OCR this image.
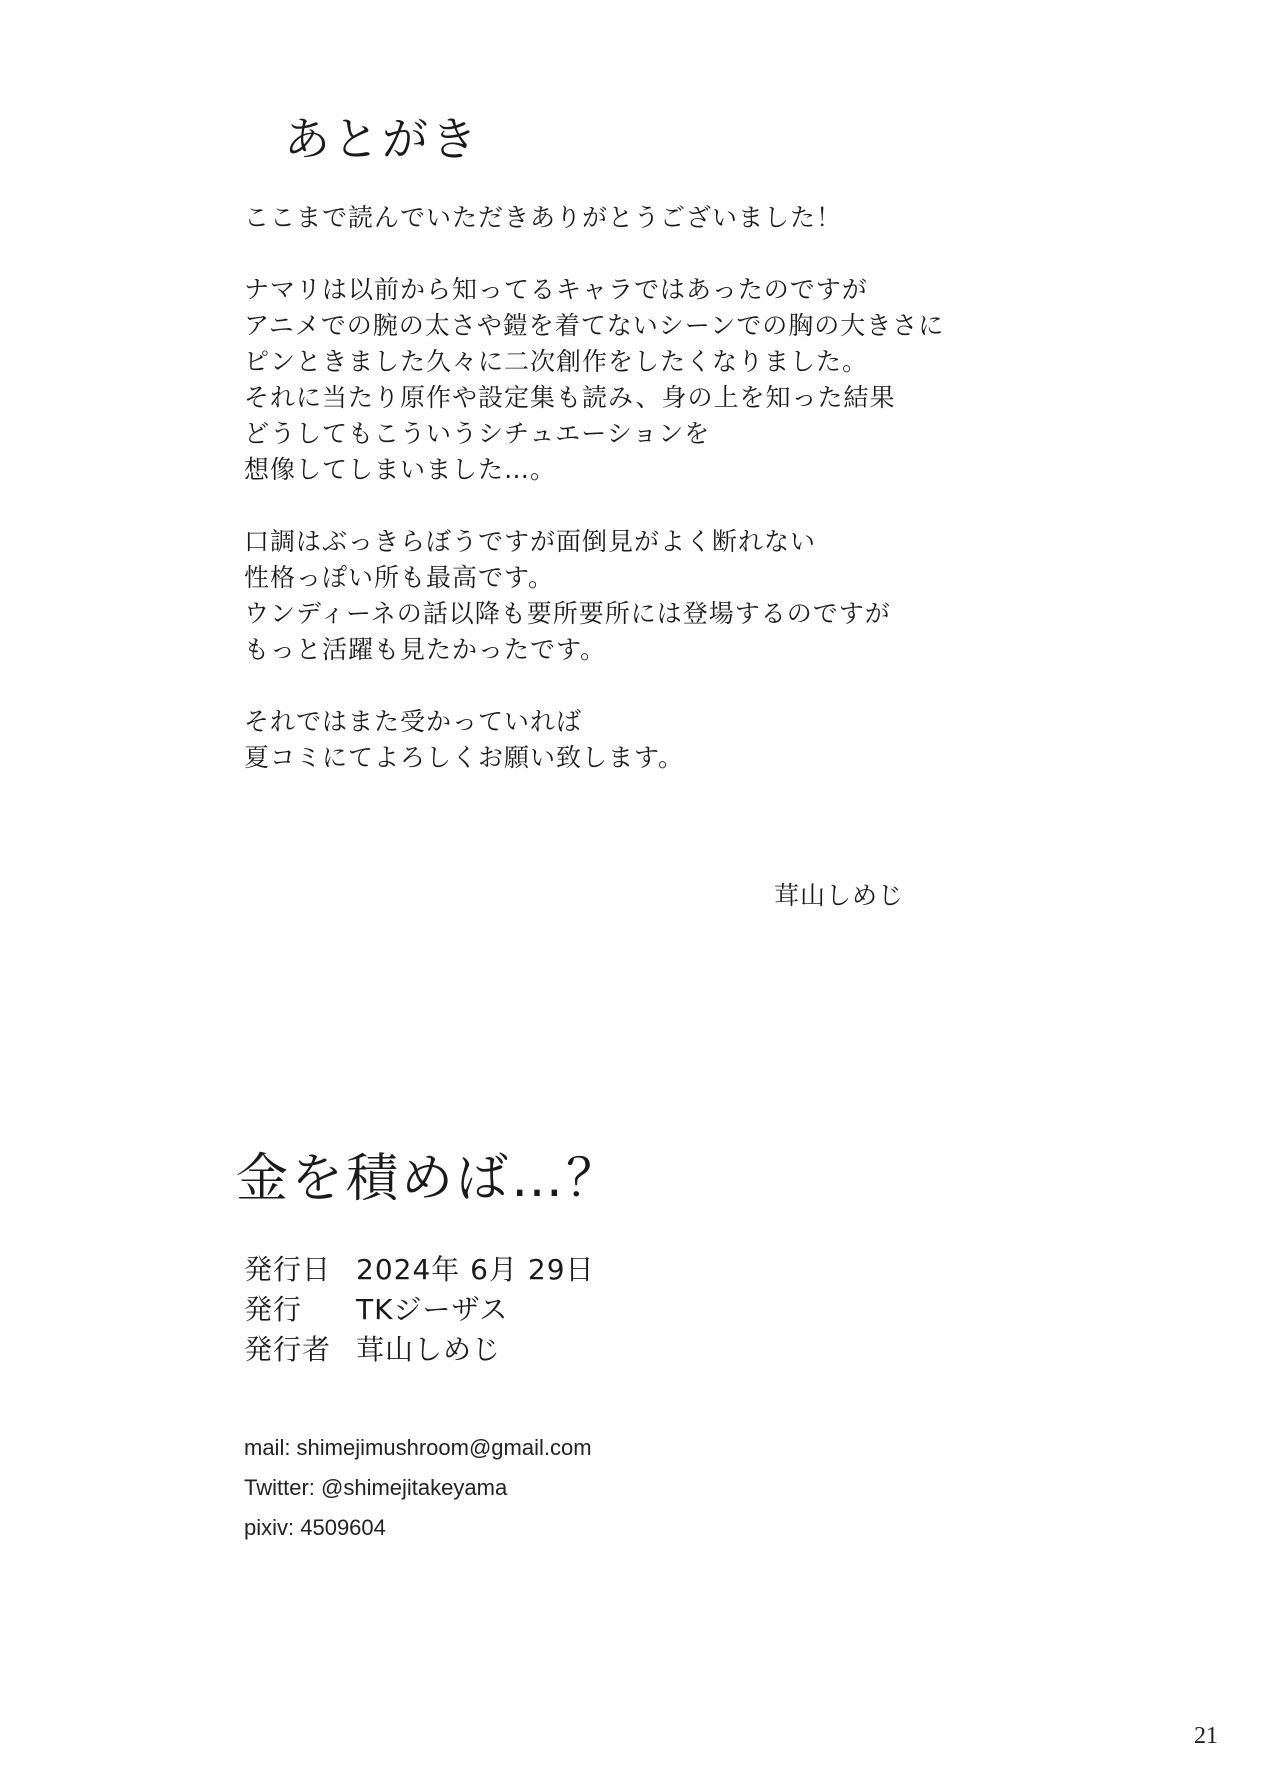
あとがき

ここまで読んでいただきありがとうございました！

ナマリは以前から知ってるキャラではあったのですが
アニメでの腕の太さや鎧を着てないシーンでの胸の大きさに
ピンときました久々に二次創作をしたくなりました。
それに当たり原作や設定集も読み、身の上を知った結果
どうしてもこういうシチュエーションを
想像してしまいました…。

口調はぶっきらぼうですが面倒見がよく断れない
性格っぽい所も最高です。
ウンディーネの話以降も要所要所には登場するのですが
もっと活躍も見たかったです。

それではまた受かっていれば
夏コミにてよろしくお願い致します。

茸山しめじ
金を積めば…？
発行日 2024年 6月 29日
発行	TKジーザス
発行者 茸山しめじ
mail: shimejimushroom@gmail.com
Twitter: @shimejitakeyama
pixiv: 4509604
21
